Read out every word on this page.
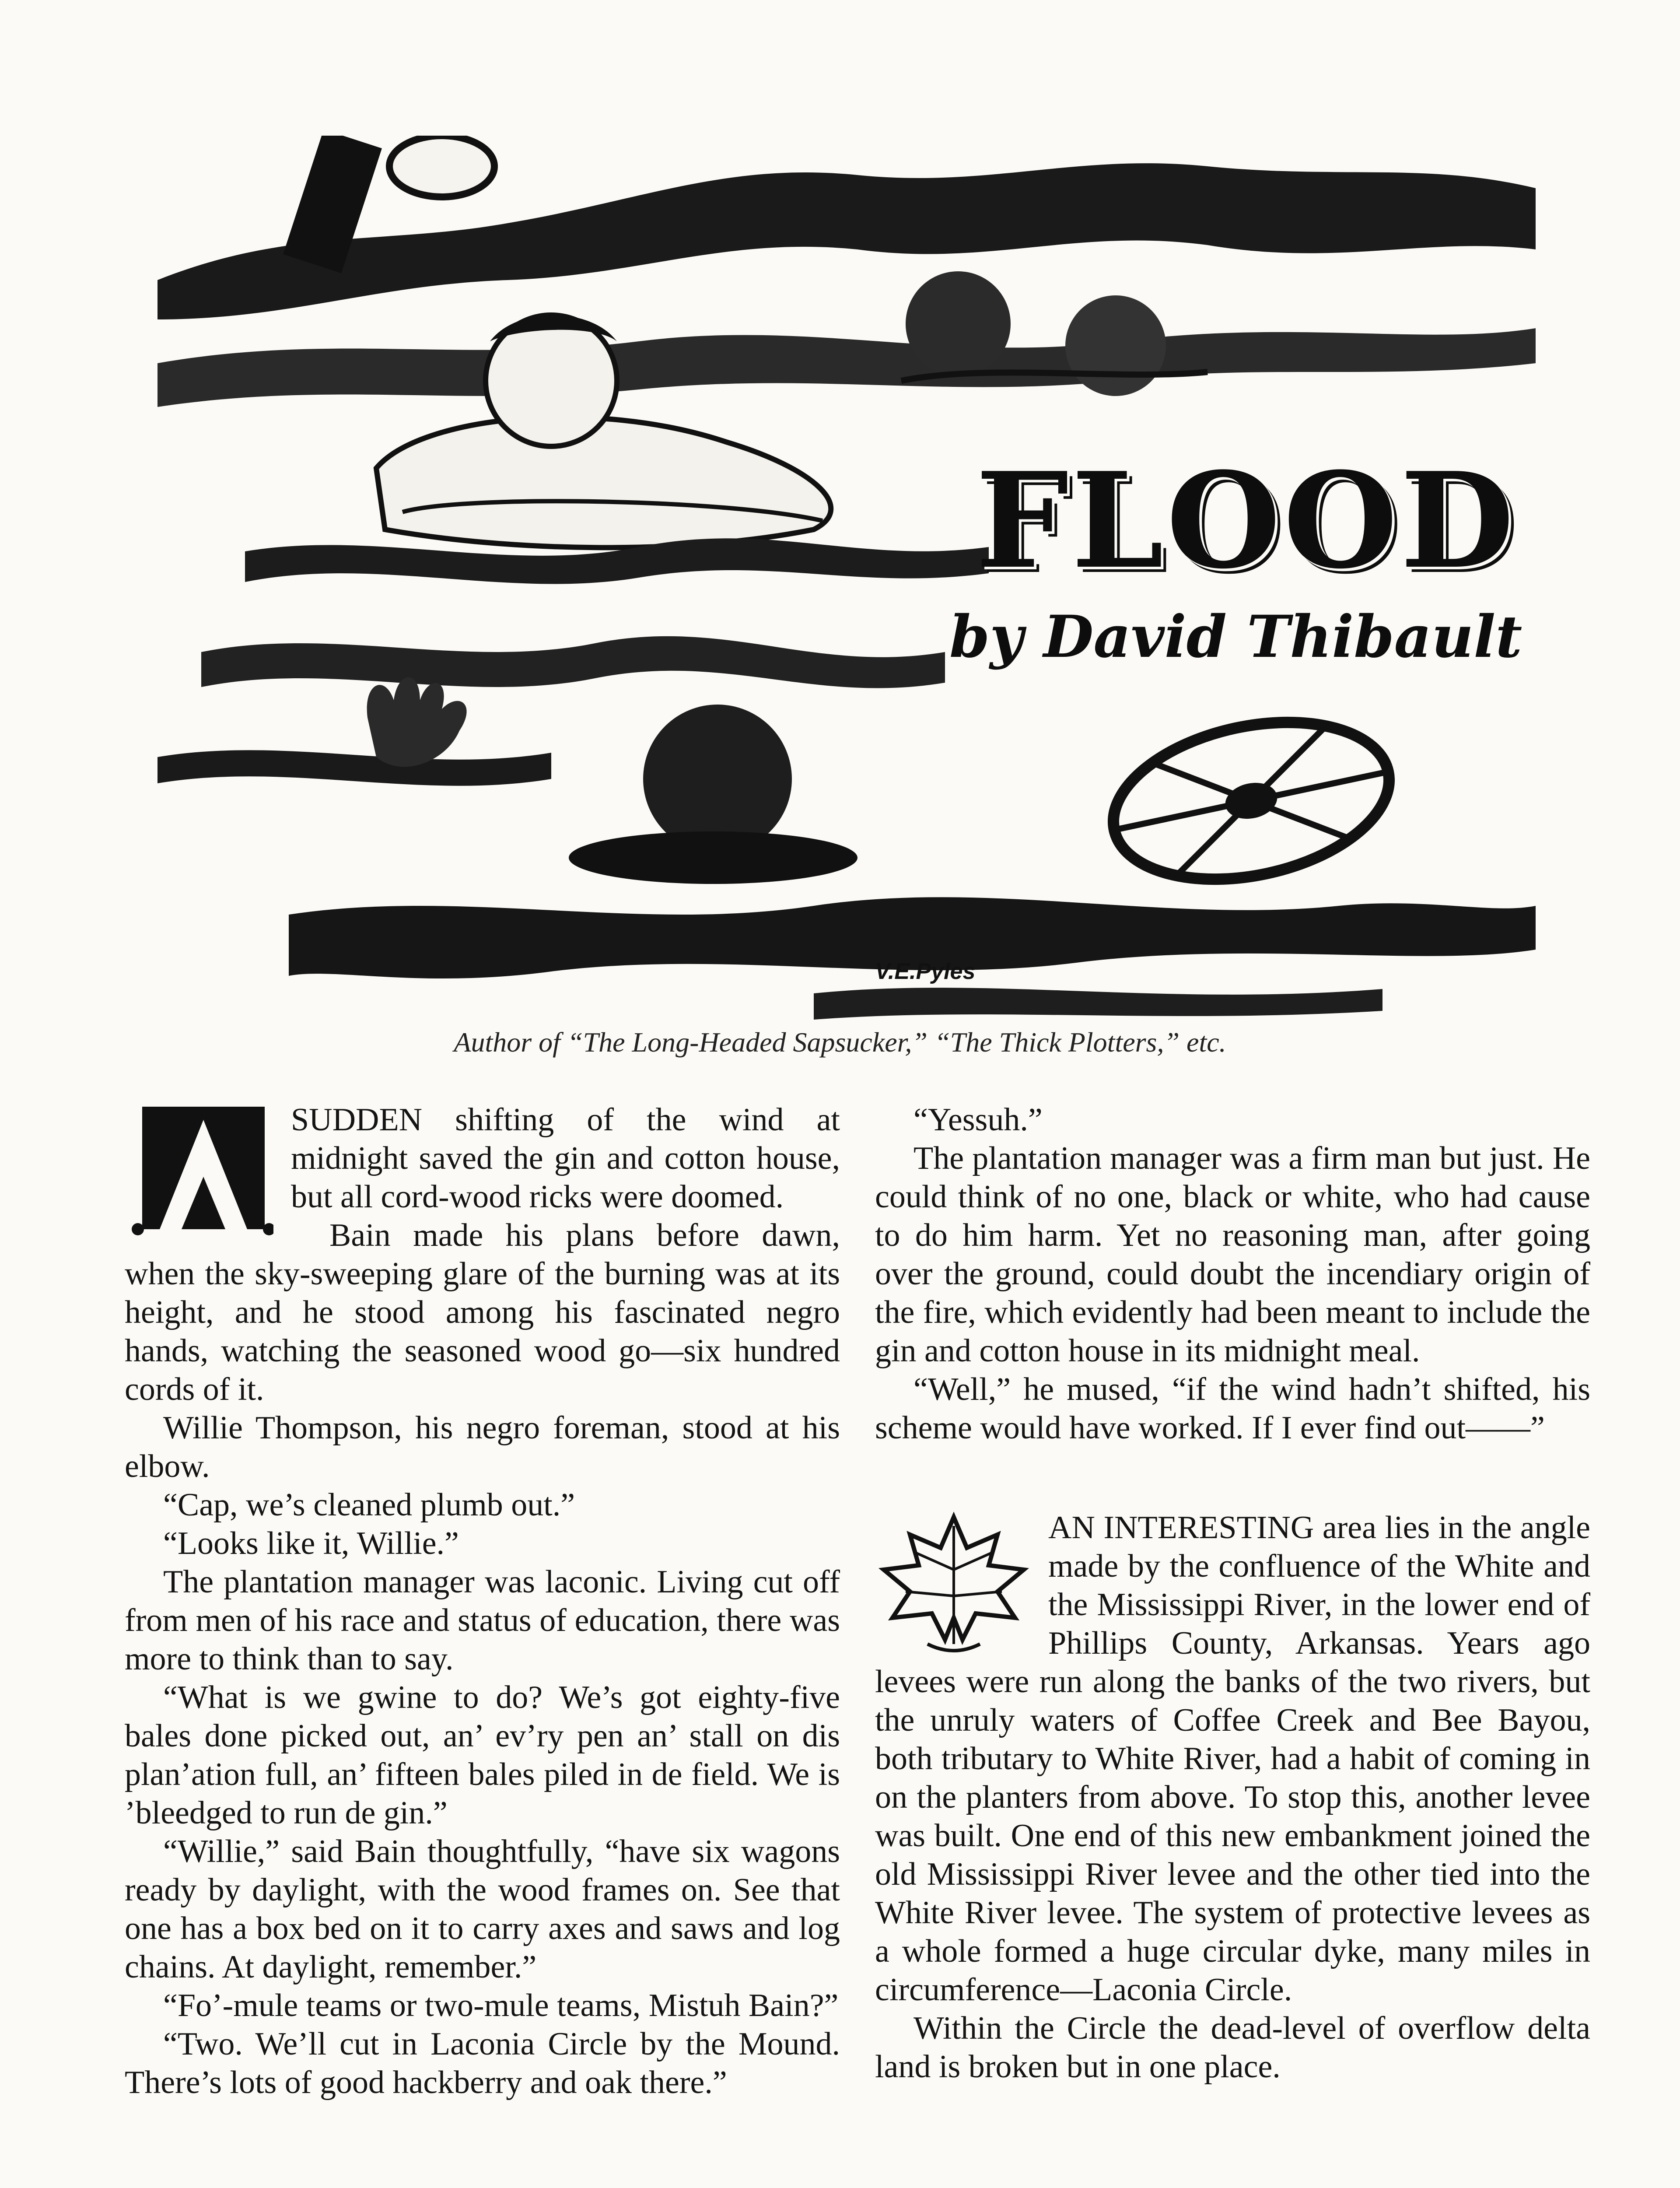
FLOOD
by David Thibault
V.E.Pyles
Author of “The Long-Headed Sapsucker,” “The Thick Plotters,” etc.

SUDDEN shifting of the wind at midnight saved the gin and cotton house, but all cord-wood ricks were doomed.

Bain made his plans before dawn, when the sky-sweeping glare of the burning was at its height, and he stood among his fascinated negro hands, watching the seasoned wood go—six hundred cords of it.

Willie Thompson, his negro foreman, stood at his elbow.

“Cap, we’s cleaned plumb out.”

“Looks like it, Willie.”

The plantation manager was laconic. Living cut off from men of his race and status of education, there was more to think than to say.

“What is we gwine to do? We’s got eighty-five bales done picked out, an’ ev’ry pen an’ stall on dis plan’ation full, an’ fifteen bales piled in de field. We is ’bleedged to run de gin.”

“Willie,” said Bain thoughtfully, “have six wagons ready by daylight, with the wood frames on. See that one has a box bed on it to carry axes and saws and log chains. At daylight, remember.”

“Fo’-mule teams or two-mule teams, Mistuh Bain?”

“Two. We’ll cut in Laconia Circle by the Mound. There’s lots of good hackberry and oak there.”

“Yessuh.”

The plantation manager was a firm man but just. He could think of no one, black or white, who had cause to do him harm. Yet no reasoning man, after going over the ground, could doubt the incendiary origin of the fire, which evidently had been meant to include the gin and cotton house in its midnight meal.

“Well,” he mused, “if the wind hadn’t shifted, his scheme would have worked. If I ever find out——”

AN INTERESTING area lies in the angle made by the confluence of the White and the Mississippi River, in the lower end of Phillips County, Arkansas. Years ago levees were run along the banks of the two rivers, but the unruly waters of Coffee Creek and Bee Bayou, both tributary to White River, had a habit of coming in on the planters from above. To stop this, another levee was built. One end of this new embankment joined the old Mississippi River levee and the other tied into the White River levee. The system of protective levees as a whole formed a huge circular dyke, many miles in circumference—Laconia Circle.

Within the Circle the dead-level of overflow delta land is broken but in one place.
